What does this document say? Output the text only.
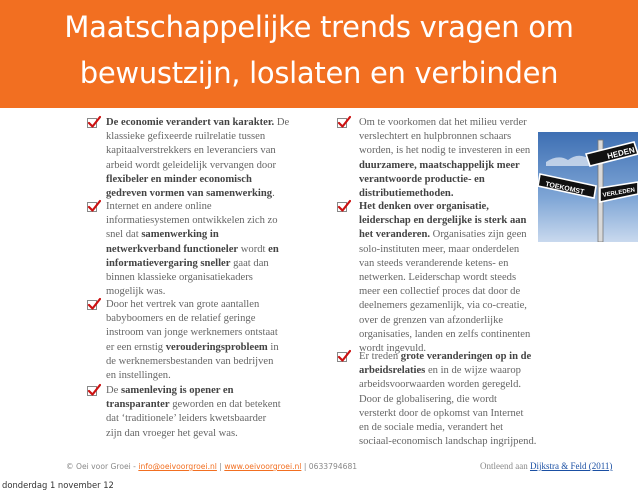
Maatschappelijke trends vragen om
bewustzijn, loslaten en verbinden
De economie verandert van karakter. De
klassieke gefixeerde ruilrelatie tussen
kapitaalverstrekkers en leveranciers van
arbeid wordt geleidelijk vervangen door
flexibeler en minder economisch
gedreven vormen van samenwerking.
Internet en andere online
informatiesystemen ontwikkelen zich zo
snel dat samenwerking in
netwerkverband functioneler wordt en
informatievergaring sneller gaat dan
binnen klassieke organisatiekaders
mogelijk was.
Door het vertrek van grote aantallen
babyboomers en de relatief geringe
instroom van jonge werknemers ontstaat
er een ernstig verouderingsprobleem in
de werknemersbestanden van bedrijven
en instellingen.
De samenleving is opener en
transparanter geworden en dat betekent
dat ‘traditionele’ leiders kwetsbaarder
zijn dan vroeger het geval was.
Om te voorkomen dat het milieu verder
verslechtert en hulpbronnen schaars
worden, is het nodig te investeren in een
duurzamere, maatschappelijk meer
verantwoorde productie- en
distributiemethoden.
Het denken over organisatie,
leiderschap en dergelijke is sterk aan
het veranderen. Organisaties zijn geen
solo-instituten meer, maar onderdelen
van steeds veranderende ketens- en
netwerken. Leiderschap wordt steeds
meer een collectief proces dat door de
deelnemers gezamenlijk, via co-creatie,
over de grenzen van afzonderlijke
organisaties, landen en zelfs continenten
wordt ingevuld.
Er treden grote veranderingen op in de
arbeidsrelaties en in de wijze waarop
arbeidsvoorwaarden worden geregeld.
Door de globalisering, die wordt
versterkt door de opkomst van Internet
en de sociale media, verandert het
sociaal-economisch landschap ingrijpend.
HEDEN
TOEKOMST	VERLEDEN
© Oei voor Groei - info@oeivoorgroei.nl | www.oeivoorgroei.nl | 0633794681	Ontleend aan Dijkstra & Feld (2011)
donderdag 1 november 12
